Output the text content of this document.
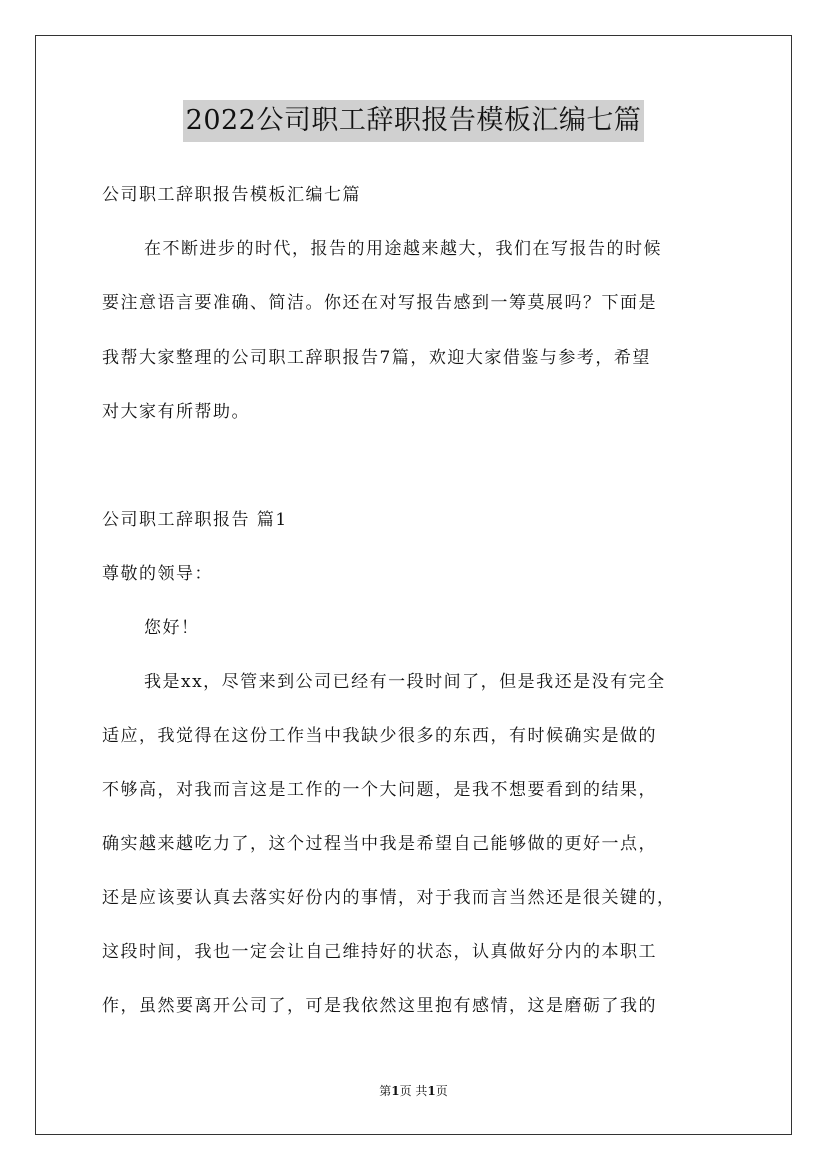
2022公司职工辞职报告模板汇编七篇
公司职工辞职报告模板汇编七篇
在不断进步的时代，报告的用途越来越大，我们在写报告的时候
要注意语言要准确、简洁。你还在对写报告感到一筹莫展吗？下面是
我帮大家整理的公司职工辞职报告7篇，欢迎大家借鉴与参考，希望
对大家有所帮助。
公司职工辞职报告 篇1
尊敬的领导：
您好！
我是xx，尽管来到公司已经有一段时间了，但是我还是没有完全
适应，我觉得在这份工作当中我缺少很多的东西，有时候确实是做的
不够高，对我而言这是工作的一个大问题，是我不想要看到的结果，
确实越来越吃力了，这个过程当中我是希望自己能够做的更好一点，
还是应该要认真去落实好份内的事情，对于我而言当然还是很关键的，
这段时间，我也一定会让自己维持好的状态，认真做好分内的本职工
作，虽然要离开公司了，可是我依然这里抱有感情，这是磨砺了我的
第1页 共1页
